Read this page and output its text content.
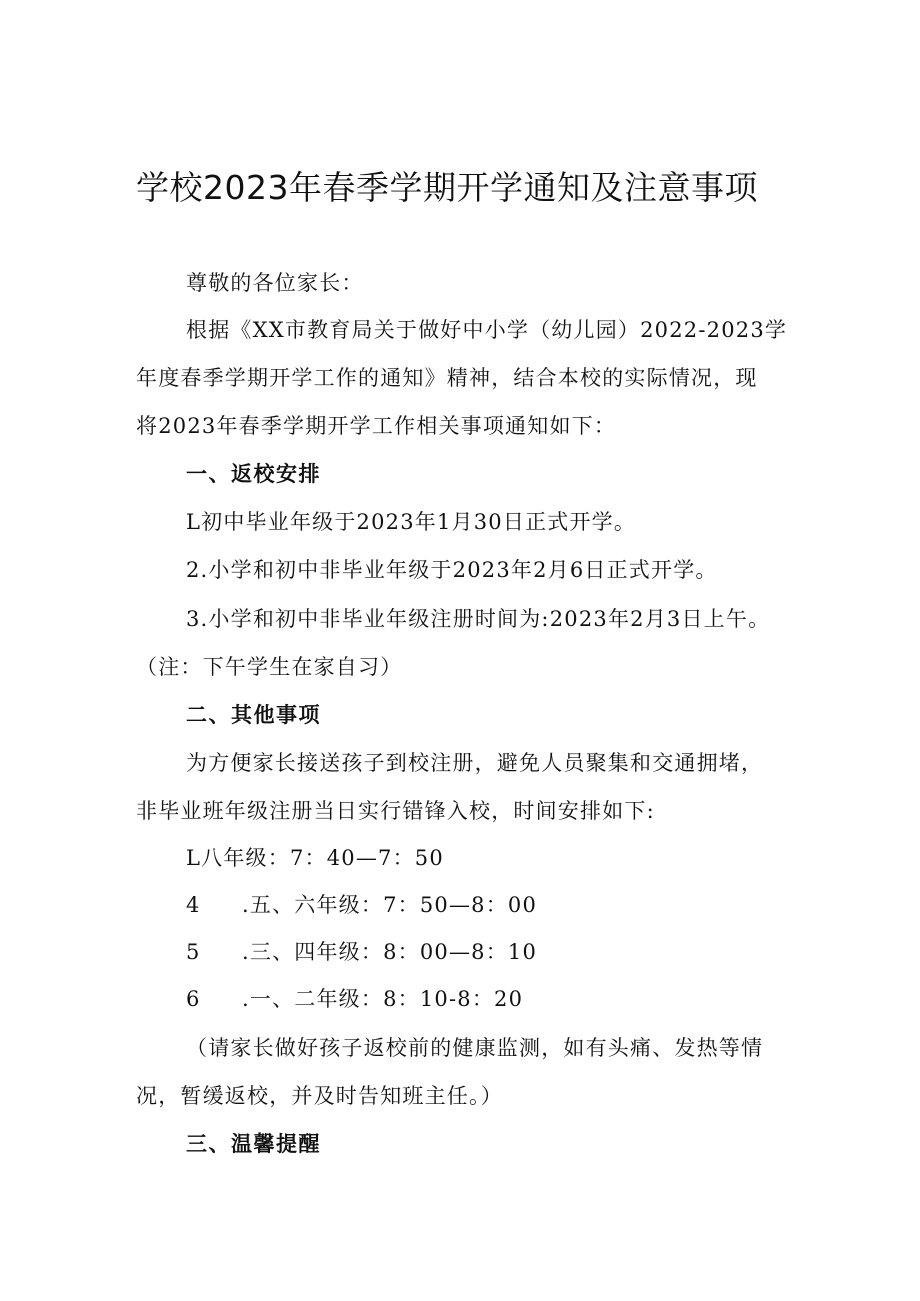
学校2023年春季学期开学通知及注意事项
尊敬的各位家长：
根据《XX市教育局关于做好中小学（幼儿园）2022-2023学
年度春季学期开学工作的通知》精神，结合本校的实际情况，现
将2023年春季学期开学工作相关事项通知如下：
一、返校安排
L初中毕业年级于2023年1月30日正式开学。
2.小学和初中非毕业年级于2023年2月6日正式开学。
3.小学和初中非毕业年级注册时间为:2023年2月3日上午。
（注：下午学生在家自习）
二、其他事项
为方便家长接送孩子到校注册，避免人员聚集和交通拥堵，
非毕业班年级注册当日实行错锋入校，时间安排如下:
L八年级：7：40—7：50
4 .五、六年级：7：50—8：00
5 .三、四年级：8：00—8：10
6 .一、二年级：8：10-8：20
（请家长做好孩子返校前的健康监测，如有头痛、发热等情
况，暂缓返校，并及时告知班主任。）
三、温馨提醒
